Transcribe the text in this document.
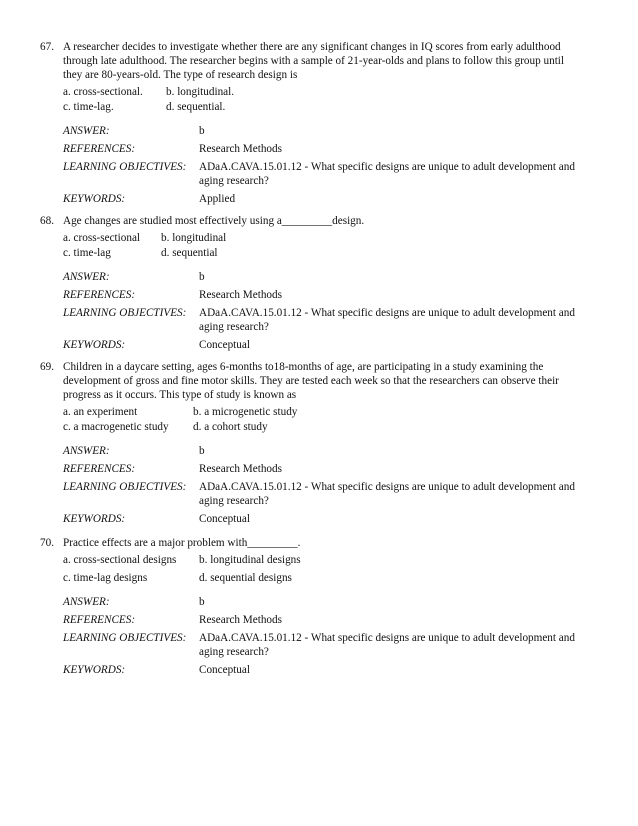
67. A researcher decides to investigate whether there are any significant changes in IQ scores from early adulthood
through late adulthood. The researcher begins with a sample of 21-year-olds and plans to follow this group until
they are 80-years-old. The type of research design is
a. cross-sectional. b. longitudinal.
c. time-lag.	d. sequential.
ANSWER:	b
REFERENCES:	Research Methods
LEARNING OBJECTIVES: ADaA.CAVA.15.01.12 - What specific designs are unique to adult development and
aging research?
KEYWORDS:	Applied
68. Age changes are studied most effectively using a_________design.
a. cross-sectional b. longitudinal
c. time-lag	d. sequential
ANSWER:	b
REFERENCES:	Research Methods
LEARNING OBJECTIVES: ADaA.CAVA.15.01.12 - What specific designs are unique to adult development and
aging research?
KEYWORDS:	Conceptual
69. Children in a daycare setting, ages 6-months to18-months of age, are participating in a study examining the
development of gross and fine motor skills. They are tested each week so that the researchers can observe their
progress as it occurs. This type of study is known as
a. an experiment	b. a microgenetic study
c. a macrogenetic study d. a cohort study
ANSWER:	b
REFERENCES:	Research Methods
LEARNING OBJECTIVES: ADaA.CAVA.15.01.12 - What specific designs are unique to adult development and
aging research?
KEYWORDS:	Conceptual
70. Practice effects are a major problem with_________.
a. cross-sectional designs b. longitudinal designs
c. time-lag designs	d. sequential designs
ANSWER:	b
REFERENCES:	Research Methods
LEARNING OBJECTIVES: ADaA.CAVA.15.01.12 - What specific designs are unique to adult development and
aging research?
KEYWORDS:	Conceptual
